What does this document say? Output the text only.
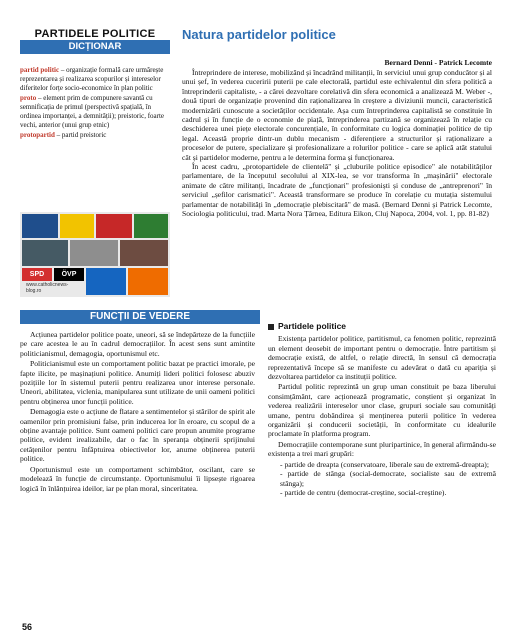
PARTIDELE POLITICE
DICȚIONAR

partid politic – organizație formală care urmărește reprezentarea și realizarea scopurilor și intereselor diferitelor forțe socio-economice în plan politic

proto – element prim de compunere savantă cu semnificația de primul (perspectivă spațială, în ordinea importanței, a demnității); preistoric, foarte vechi, anterior (unui grup etnic)

protopartid – partid preistoric

www.catholicnews-blog.ro
SPD	ÖVP
Natura partidelor politice
Bernard Denni - Patrick Lecomte

Întreprindere de interese, mobilizând și încadrând militanții, în serviciul unui grup conducător și al unui șef, în vederea cuceririi puterii pe cale electorală, partidul este echivalentul din sfera politică a întreprinderii capitaliste, - a cărei dezvoltare corelativă din sfera economică a analizează M. Weber -, două tipuri de organizație provenind din raționalizarea în creștere a diviziunii muncii, caracteristică modernizării cunoscute a societăților occidentale. Așa cum întreprinderea capitalistă se constituie în cadrul și în funcție de o economie de piață, întreprinderea partizană se organizează în relație cu deschiderea unei piețe electorale concurențiale, în conformitate cu logica dominației politice de tip legal. Această proprie dintr-un dublu mecanism - diferențiere a structurilor și raționalizare a proceselor de putere, specializare și profesionalizare a rolurilor politice - care se aplică atât statului cât și partidelor moderne, pentru a le determina forma și funcționarea.

În acest cadru, „protopartidele de clientelă" și „cluburile politice episodice" ale notabilităților parlamentare, de la începutul secolului al XIX-lea, se vor transforma în „mașinării" electorale animate de către militanți, încadrate de „funcționari" profesioniști și conduse de „antreprenori" în serviciul „șefilor carismatici". Această transformare se produce în corelație cu mutația sistemului parlamentar de notabilități în „democrație plebiscitară" de masă. (Bernard Denni și Patrick Lecomte, Sociologia politicului, trad. Marta Nora Țârnea, Editura Eikon, Cluj Napoca, 2004, vol. 1, pp. 81-82)

FUNCȚII DE VEDERE

Acțiunea partidelor politice poate, uneori, să se îndepărteze de la funcțiile pe care acestea le au în cadrul democrațiilor. În acest sens sunt amintite politicianismul, demagogia, oportunismul etc.

Politicianismul este un comportament politic bazat pe practici imorale, pe fapte ilicite, pe mașinațiuni politice. Anumiți lideri politici folosesc abuziv pozițiile lor în sistemul puterii pentru realizarea unor interese personale. Uneori, abilitatea, viclenia, manipularea sunt utilizate de unii oameni politici pentru obținerea unor funcții politice.

Demagogia este o acțiune de flatare a sentimentelor și stărilor de spirit ale oamenilor prin promisiuni false, prin inducerea lor în eroare, cu scopul de a obține avantaje politice. Sunt oameni politici care propun anumite programe politice, evident irealizabile, dar o fac în speranța obținerii sprijinului cetățenilor pentru înfăptuirea obiectivelor lor, anume obținerea puterii politice.

Oportunismul este un comportament schimbător, oscilant, care se modelează în funcție de circumstanțe. Oportunismului îi lipsește rigoarea logică în înlănțuirea ideilor, iar pe plan moral, sinceritatea.

Partidele politice

Existența partidelor politice, partitismul, ca fenomen politic, reprezintă un element deosebit de important pentru o democrație. Între partitism și democrație există, de altfel, o relație directă, în sensul că democrația reprezentativă începe să se manifeste cu adevărat o dată cu apariția și dezvoltarea partidelor ca instituții politice.

Partidul politic reprezintă un grup uman constituit pe baza liberului consimțământ, care acționează programatic, conștient și organizat în vederea realizării intereselor unor clase, grupuri sociale sau comunități umane, pentru dobândirea și menținerea puterii politice în vederea organizării și conducerii societății, în conformitate cu idealurile proclamate în platforma program.

Democrațiile contemporane sunt pluripartinice, în general afirmându-se existența a trei mari grupări:

- partide de dreapta (conservatoare, liberale sau de extremă-dreapta);
- partide de stânga (social-democrate, socialiste sau de extremă stânga);
- partide de centru (democrat-creștine, social-creștine).
56
